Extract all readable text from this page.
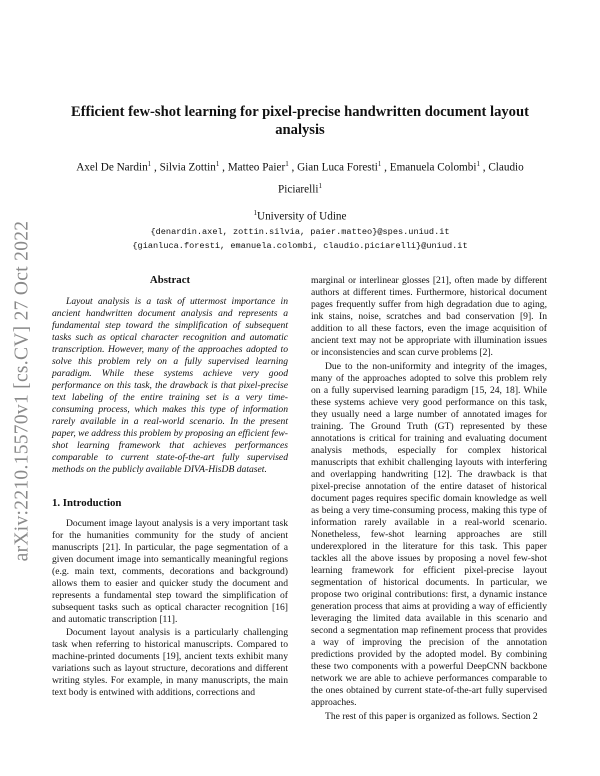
arXiv:2210.15570v1 [cs.CV] 27 Oct 2022
Efficient few-shot learning for pixel-precise handwritten document layout analysis
Axel De Nardin$^1$ , Silvia Zottin$^1$ , Matteo Paier$^1$ , Gian Luca Foresti$^1$ , Emanuela Colombi$^1$ , Claudio Piciarelli$^1$
$^1$University of Udine
{denardin.axel, zottin.silvia, paier.matteo}@spes.uniud.it
{gianluca.foresti, emanuela.colombi, claudio.piciarelli}@uniud.it
Abstract

Layout analysis is a task of uttermost importance in ancient handwritten document analysis and represents a fundamental step toward the simplification of subsequent tasks such as optical character recognition and automatic transcription. However, many of the approaches adopted to solve this problem rely on a fully supervised learning paradigm. While these systems achieve very good performance on this task, the drawback is that pixel-precise text labeling of the entire training set is a very time-consuming process, which makes this type of information rarely available in a real-world scenario. In the present paper, we address this problem by proposing an efficient few-shot learning framework that achieves performances comparable to current state-of-the-art fully supervised methods on the publicly available DIVA-HisDB dataset.

1. Introduction

Document image layout analysis is a very important task for the humanities community for the study of ancient manuscripts [21]. In particular, the page segmentation of a given document image into semantically meaningful regions (e.g. main text, comments, decorations and background) allows them to easier and quicker study the document and represents a fundamental step toward the simplification of subsequent tasks such as optical character recognition [16] and automatic transcription [11].

Document layout analysis is a particularly challenging task when referring to historical manuscripts. Compared to machine-printed documents [19], ancient texts exhibit many variations such as layout structure, decorations and different writing styles. For example, in many manuscripts, the main text body is entwined with additions, corrections and

marginal or interlinear glosses [21], often made by different authors at different times. Furthermore, historical document pages frequently suffer from high degradation due to aging, ink stains, noise, scratches and bad conservation [9]. In addition to all these factors, even the image acquisition of ancient text may not be appropriate with illumination issues or inconsistencies and scan curve problems [2].

Due to the non-uniformity and integrity of the images, many of the approaches adopted to solve this problem rely on a fully supervised learning paradigm [15, 24, 18]. While these systems achieve very good performance on this task, they usually need a large number of annotated images for training. The Ground Truth (GT) represented by these annotations is critical for training and evaluating document analysis methods, especially for complex historical manuscripts that exhibit challenging layouts with interfering and overlapping handwriting [12]. The drawback is that pixel-precise annotation of the entire dataset of historical document pages requires specific domain knowledge as well as being a very time-consuming process, making this type of information rarely available in a real-world scenario. Nonetheless, few-shot learning approaches are still underexplored in the literature for this task. This paper tackles all the above issues by proposing a novel few-shot learning framework for efficient pixel-precise layout segmentation of historical documents. In particular, we propose two original contributions: first, a dynamic instance generation process that aims at providing a way of efficiently leveraging the limited data available in this scenario and second a segmentation map refinement process that provides a way of improving the precision of the annotation predictions provided by the adopted model. By combining these two components with a powerful DeepCNN backbone network we are able to achieve performances comparable to the ones obtained by current state-of-the-art fully supervised approaches.

The rest of this paper is organized as follows. Section 2
